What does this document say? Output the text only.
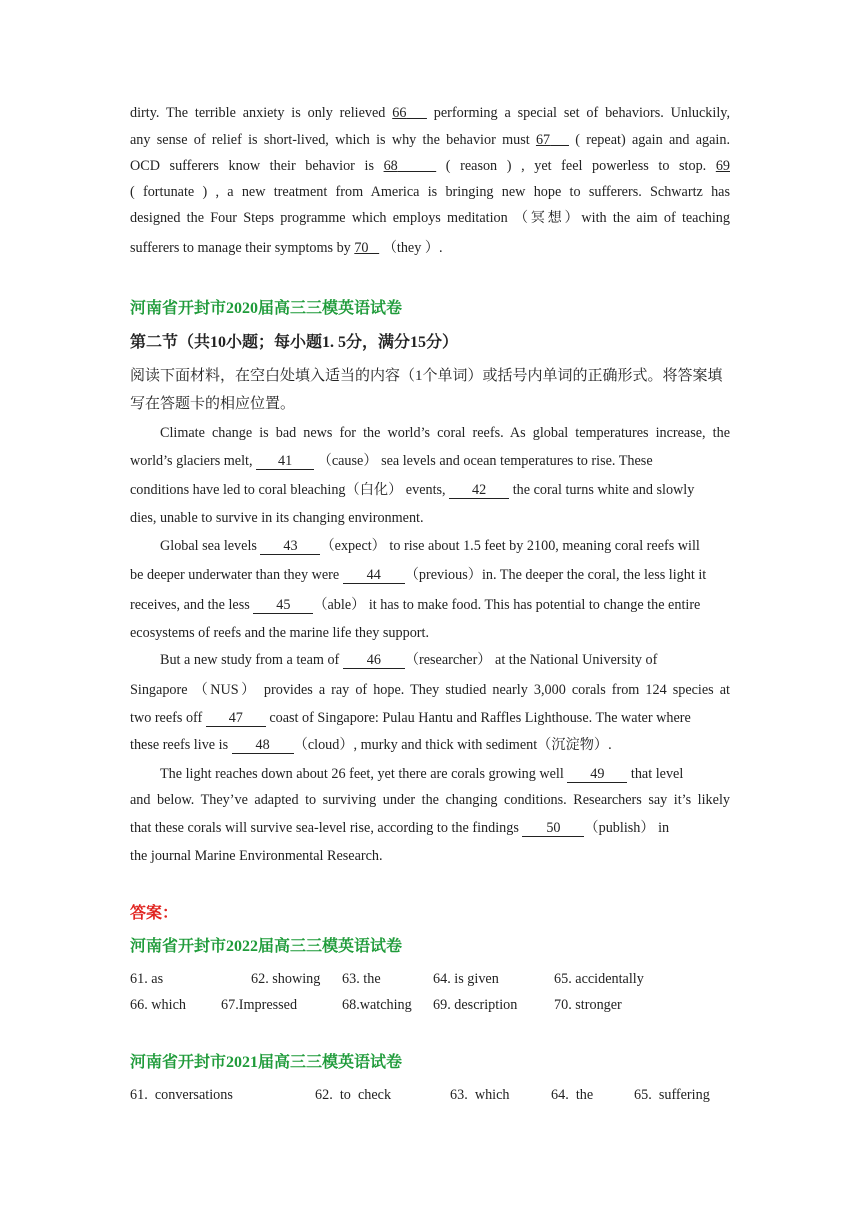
dirty. The terrible anxiety is only relieved 66    performing a special set of behaviors. Unluckily,
any sense of relief is short-lived, which is why the behavior must 67    ( repeat) again and again.
OCD sufferers know their behavior is 68	( reason ) , yet feel powerless to stop. 69
( fortunate ) , a new treatment from America is bringing new hope to sufferers. Schwartz has
designed the Four Steps programme which employs meditation （冥想）with the aim of teaching
sufferers to manage their symptoms by 70    （they ）.
河南省开封市2020届高三三模英语试卷
第二节（共10小题；每小题1. 5分，满分15分）
阅读下面材料，在空白处填入适当的内容（1个单词）或括号内单词的正确形式。将答案填
写在答题卡的相应位置。
Climate change is bad news for the world’s coral reefs. As global temperatures increase, the
world’s glaciers melt, 41 （cause） sea levels and ocean temperatures to rise. These
conditions have led to coral bleaching（白化） events, 42 the coral turns white and slowly
dies, unable to survive in its changing environment.
Global sea levels 43 （expect） to rise about 1.5 feet by 2100, meaning coral reefs will
be deeper underwater than they were 44 （previous）in. The deeper the coral, the less light it
receives, and the less 45 （able） it has to make food. This has potential to change the entire
ecosystems of reefs and the marine life they support.
But a new study from a team of 46 （researcher） at the National University of
Singapore （NUS） provides a ray of hope. They studied nearly 3,000 corals from 124 species at
two reefs off 47 coast of Singapore: Pulau Hantu and Raffles Lighthouse. The water where
these reefs live is 48 （cloud）, murky and thick with sediment（沉淀物）.
The light reaches down about 26 feet, yet there are corals growing well 49 that level
and below. They’ve adapted to surviving under the changing conditions. Researchers say it’s likely
that these corals will survive sea-level rise, according to the findings 50 （publish） in
the journal Marine Environmental Research.
答案：
河南省开封市2022届高三三模英语试卷
61. as	62. showing 63. the	64. is given	65. accidentally
66. which 67.Impressed	68.watching 69. description	70. stronger
河南省开封市2021届高三三模英语试卷
61.  conversations	62.  to  check	63.  which	64.  the	65.  suffering
